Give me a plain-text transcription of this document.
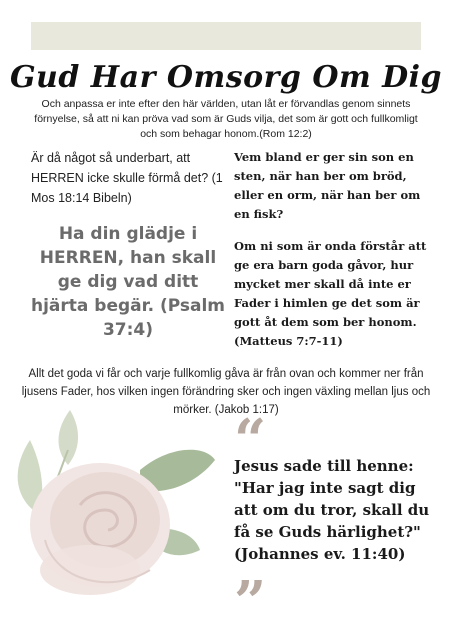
Gud Har Omsorg Om Dig
Och anpassa er inte efter den här världen, utan låt er förvandlas genom sinnets förnyelse, så att ni kan pröva vad som är Guds vilja, det som är gott och fullkomligt och som behagar honom.(Rom 12:2)
Är då något så underbart, att HERREN icke skulle förmå det? (1 Mos 18:14 Bibeln)
Ha din glädje i HERREN, han skall ge dig vad ditt hjärta begär. (Psalm 37:4)

Vem bland er ger sin son en sten, när han ber om bröd, eller en orm, när han ber om en fisk?

Om ni som är onda förstår att ge era barn goda gåvor, hur mycket mer skall då inte er Fader i himlen ge det som är gott åt dem som ber honom. (Matteus 7:7-11)

Allt det goda vi får och varje fullkomlig gåva är från ovan och kommer ner från ljusens Fader, hos vilken ingen förändring sker och ingen växling mellan ljus och mörker. (Jakob 1:17)
“
Jesus sade till henne: "Har jag inte sagt dig att om du tror, skall du få se Guds härlighet?" (Johannes ev. 11:40)
”
